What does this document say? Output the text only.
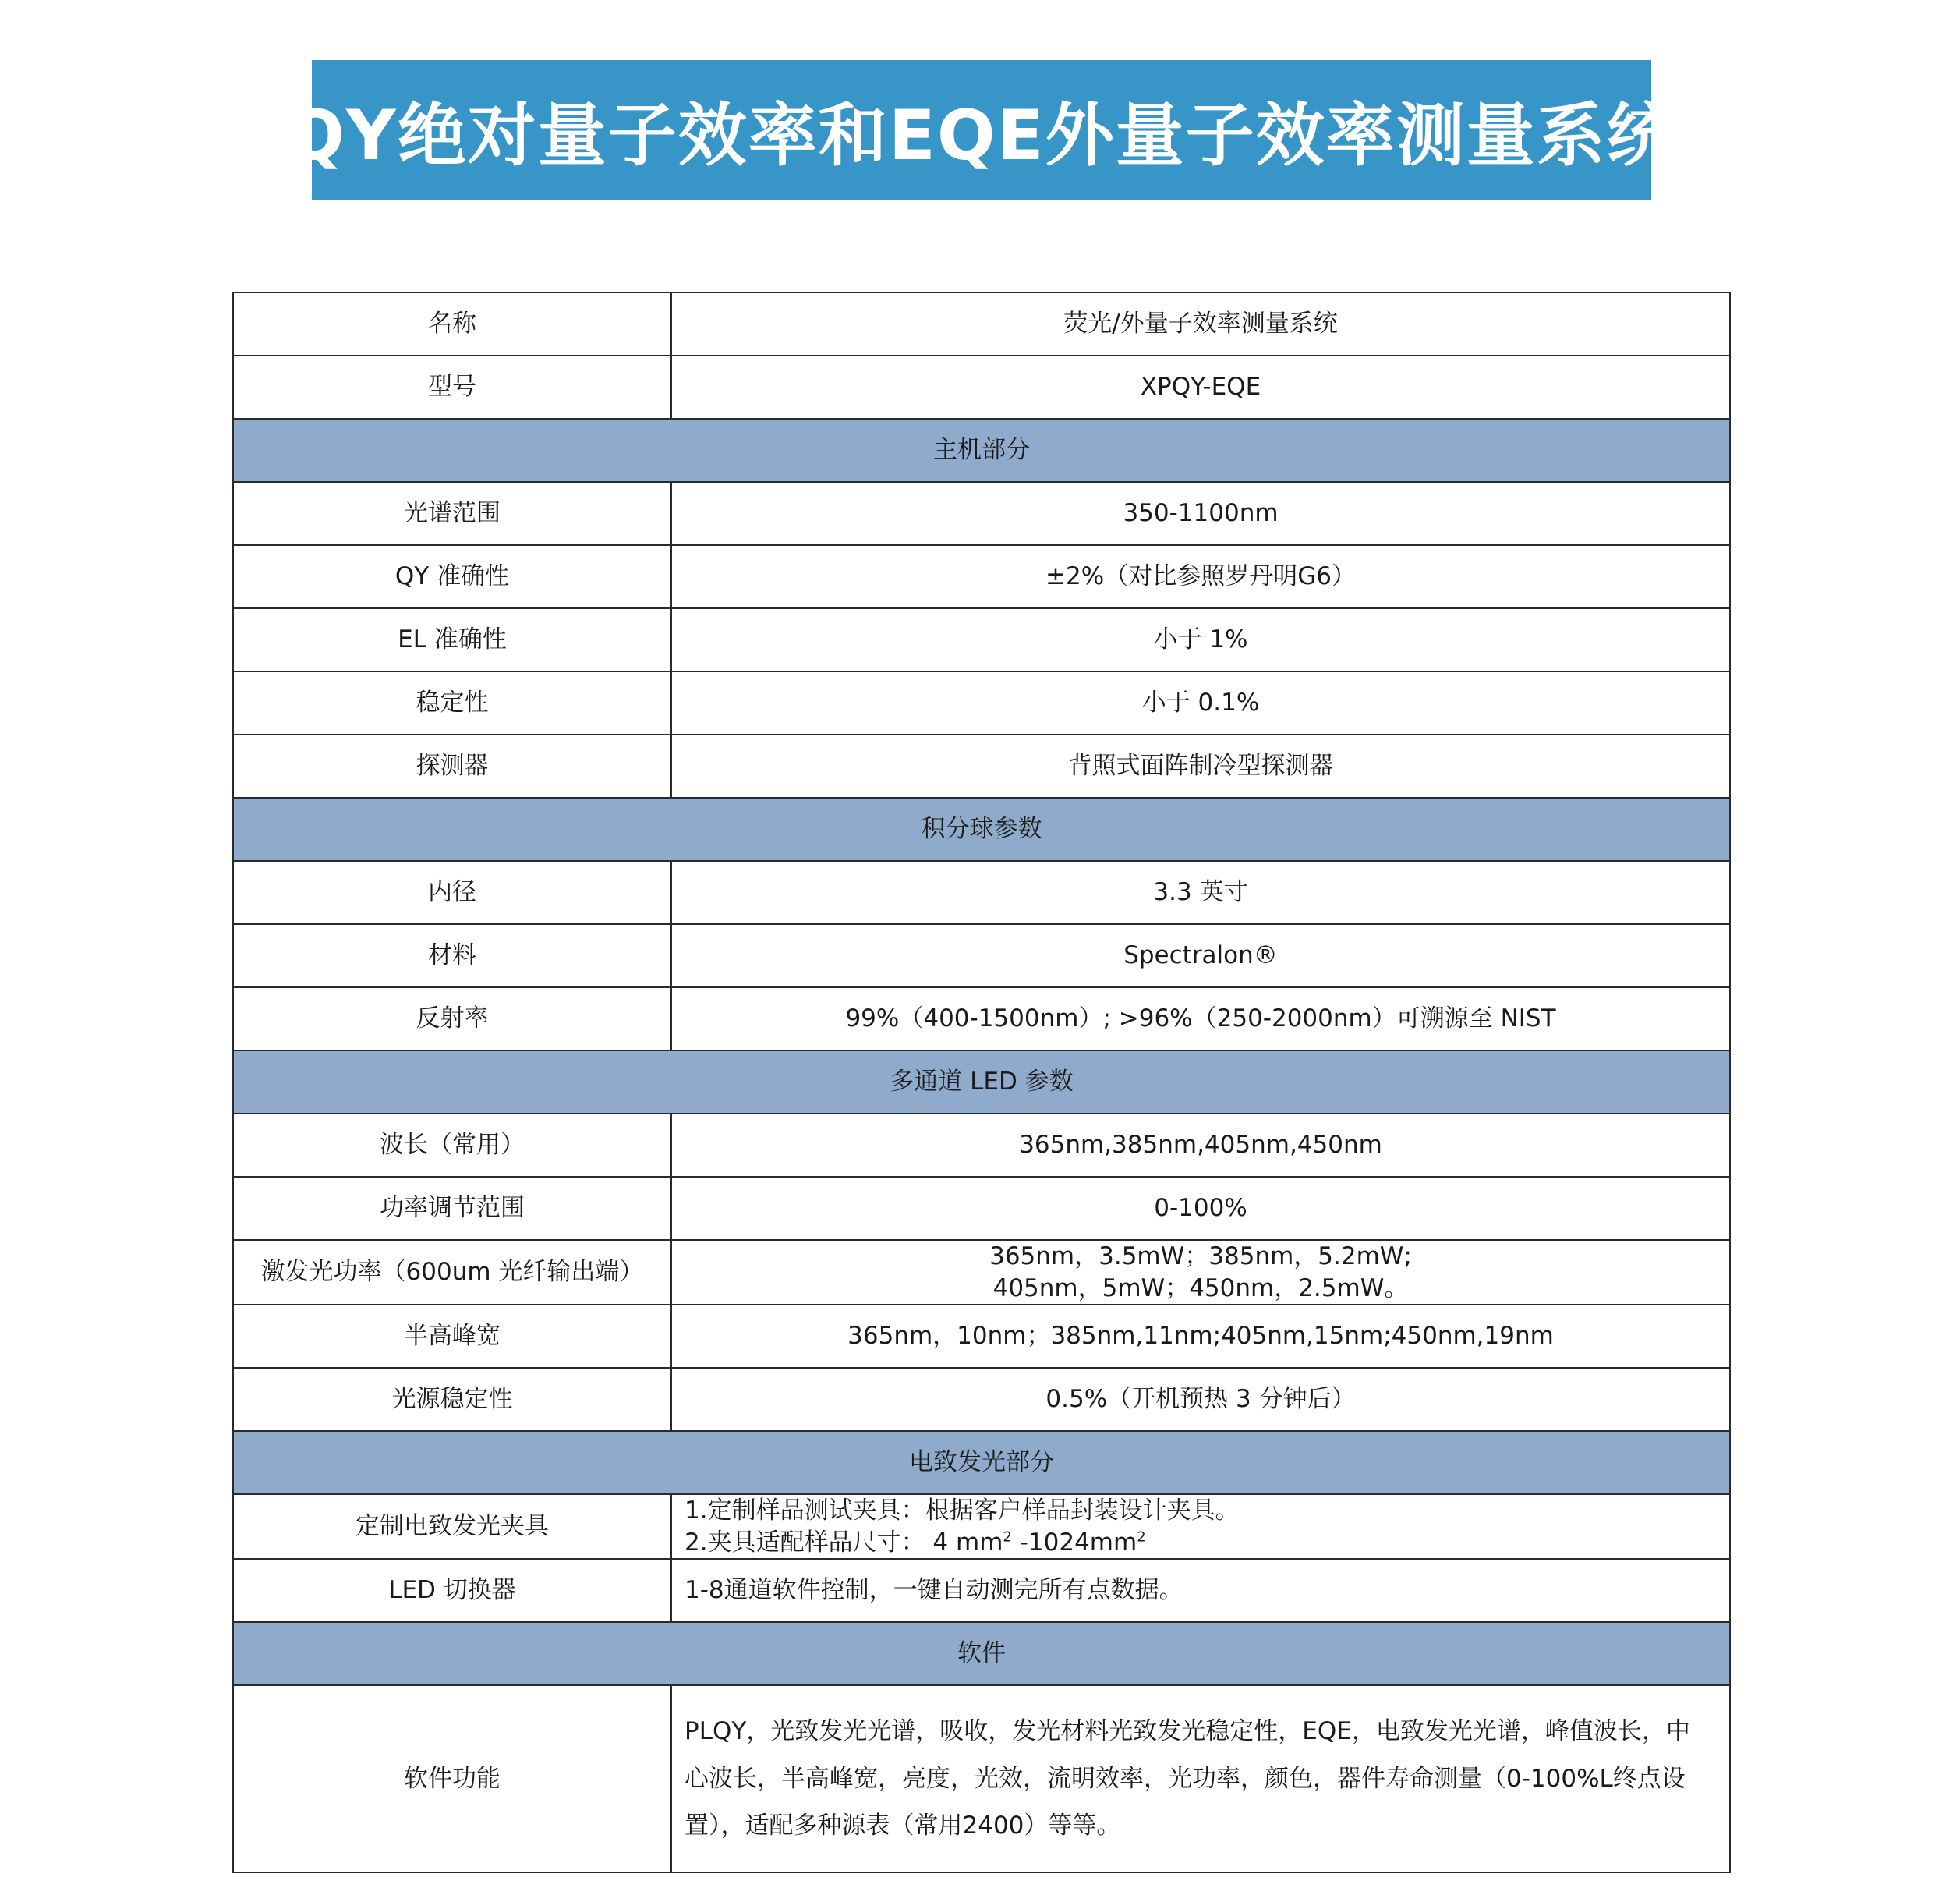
QY绝对量子效率和EQE外量子效率测量系统
名称	荧光/外量子效率测量系统
型号	XPQY-EQE
主机部分	
光谱范围	350-1100nm
QY 准确性	±2%（对比参照罗丹明G6）
EL 准确性	小于 1%
稳定性	小于 0.1%
探测器	背照式面阵制冷型探测器
积分球参数	
内径	3.3 英寸
材料	Spectralon®
反射率	99%（400-1500nm）; >96%（250-2000nm）可溯源至 NIST
多通道 LED 参数	
波长（常用）	365nm,385nm,405nm,450nm
功率调节范围	0-100%
激发光功率（600um 光纤输出端）	365nm，3.5mW；385nm，5.2mW;
405nm，5mW；450nm，2.5mW。

半高峰宽	365nm，10nm；385nm,11nm;405nm,15nm;450nm,19nm
光源稳定性	0.5%（开机预热 3 分钟后）
电致发光部分	
定制电致发光夹具	1.定制样品测试夹具：根据客户样品封装设计夹具。
2.夹具适配样品尺寸： 4 $mm^2$ $-1024mm^2$

LED 切换器	1-8通道软件控制，一键自动测完所有点数据。
软件	
软件功能	PLQY，光致发光光谱，吸收，发光材料光致发光稳定性，EQE，电致发光光谱，峰值波长，中心波长，半高峰宽，亮度，光效，流明效率，光功率，颜色，器件寿命测量（0-100%L终点设置），适配多种源表（常用2400）等等。
